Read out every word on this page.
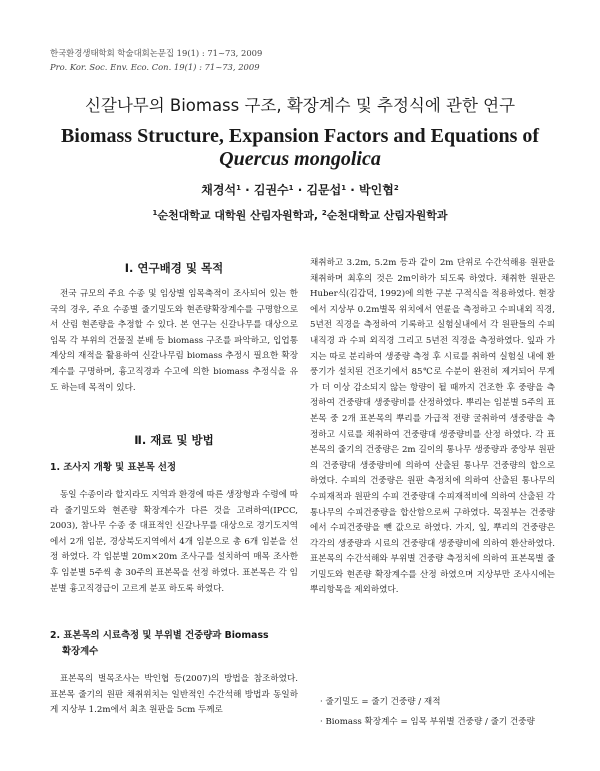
한국환경생태학회 학술대회논문집 19(1) : 71~73, 2009
Pro. Kor. Soc. Env. Eco. Con. 19(1) : 71~73, 2009
신갈나무의 Biomass 구조, 확장계수 및 추정식에 관한 연구
Biomass Structure, Expansion Factors and Equations of
Quercus mongolica
채경석$^1$ · 김권수$^1$ · 김문섭$^1$ · 박인협$^2$
$^1$순천대학교 대학원 산림자원학과, $^2$순천대학교 산림자원학과
Ⅰ. 연구배경 및 목적
전국 규모의 주요 수종 및 임상별 임목축적이 조사되어 있는 한국의 경우, 주요 수종별 줄기밀도와 현존량확장계수를 구명함으로서 산림 현존량을 추정할 수 있다. 본 연구는 신갈나무를 대상으로 임목 각 부위의 건물질 분배 등 biomass 구조를 파악하고, 입업통계상의 재적을 활용하여 신갈나무림 biomass 추정시 필요한 확장계수를 구명하며, 흉고직경과 수고에 의한 biomass 추정식을 유도 하는데 목적이 있다.
Ⅱ. 재료 및 방법
1. 조사지 개황 및 표본목 선정
동일 수종이라 할지라도 지역과 환경에 따른 생장형과 수령에 따라 줄기밀도와 현존량 확장계수가 다른 것을 고려하여(IPCC, 2003), 참나무 수종 중 대표적인 신갈나무를 대상으로 경기도지역에서 2개 임분, 경상북도지역에서 4개 임분으로 총 6개 임분을 선정 하였다. 각 임분별 20m×20m 조사구를 설치하여 매목 조사한 후 임분별 5주씩 총 30주의 표본목을 선정 하였다. 표본목은 각 임분별 흉고직경급이 고르게 분포 하도록 하였다.
2. 표본목의 시료측정 및 부위별 건중량과 Biomass
확장계수
표본목의 벌목조사는 박인협 등(2007)의 방법을 참조하였다. 표본목 줄기의 원판 채취위치는 일반적인 수간석해 방법과 동일하게 지상부 1.2m에서 최초 원판을 5cm 두께로
채취하고 3.2m, 5.2m 등과 같이 2m 단위로 수간석해용 원판을 채취하며 최후의 것은 2m이하가 되도록 하였다. 채취한 원판은 Huber식(김갑덕, 1992)에 의한 구분 구적식을 적용하였다. 현장에서 지상부 0.2m별목 위치에서 연륜을 측정하고 수피내외 직경, 5년전 직경을 측정하여 기록하고 실험실내에서 각 원판들의 수피 내직경 과 수피 외직경 그리고 5년전 직경을 측정하였다. 잎과 가지는 따로 분리하여 생중량 측정 후 시료를 취하여 실험실 내에 환풍기가 설치된 건조기에서 85℃로 수분이 완전히 제거되어 무게가 더 이상 감소되지 않는 항량이 될 때까지 건조한 후 중량을 측정하여 건중량대 생중량비를 산정하였다. 뿌리는 임분별 5주의 표본목 중 2개 표본목의 뿌리를 가급적 전량 굴취하여 생중량을 측정하고 시료를 채취하여 건중량대 생중량비를 산정 하였다. 각 표본목의 줄기의 건중량은 2m 길이의 통나무 생중량과 중앙부 원판의 건중량대 생중량비에 의하여 산출된 통나무 건중량의 합으로 하였다. 수피의 건중량은 원판 측정치에 의하여 산출된 통나무의 수피재적과 원판의 수피 건중량대 수피재적비에 의하여 산출된 각 통나무의 수피건중량을 합산함으로써 구하였다. 목질부는 건중량에서 수피건중량을 뺀 값으로 하였다. 가지, 잎, 뿌리의 건중량은 각각의 생중량과 시료의 건중량대 생중량비에 의하여 환산하였다. 표본목의 수간석해와 부위별 건중량 측정치에 의하여 표본목별 줄기밀도와 현존량 확장계수를 산정 하였으며 지상부만 조사시에는 뿌리항목을 제외하였다.
· 줄기밀도 = 줄기 건중량 / 재적
· Biomass 확장계수 = 임목 부위별 건중량 / 줄기 건중량
